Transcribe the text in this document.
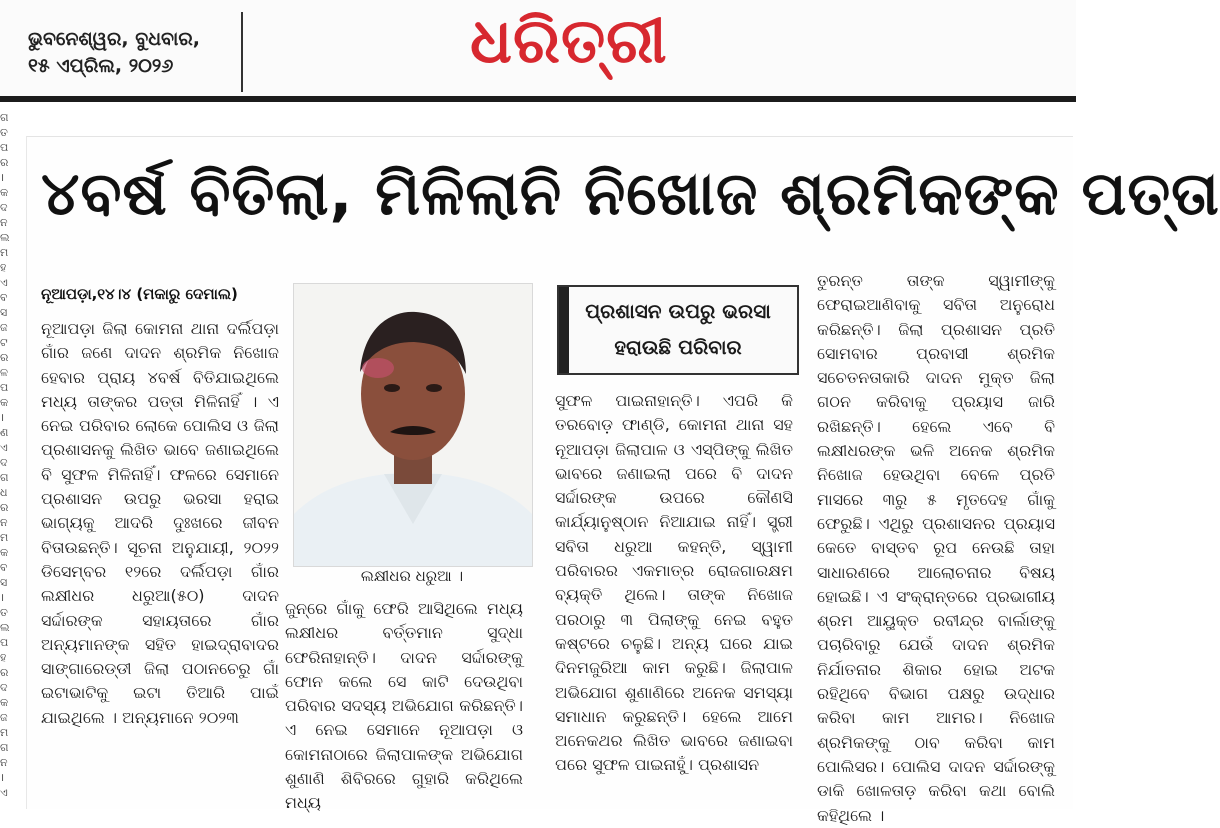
ଭୁବନେଶ୍ୱର, ବୁଧବାର,
୧୫ ଏପ୍ରିଲ, ୨୦୨୬	ଧରିତ୍ରୀ
ଗ
ତ
ପ
ର
।
କ
ଦ
ନ
ଲ
ମ
ହ
ଏ
ବ
ସ
ଜ
ଟ
ର
ଳ
ପ
କ
।
ଣ
ଏ
ଦ
ଗ
ଧ
ର
ନ
ମ
କ
ବ
ସ
।
ତ
ଲ
ପ
ହ
ର
ଦ
କ
ଜ
ମ
ଗ
ନ
।
ଏ
୪ବର୍ଷ ବିତିଲା, ମିଳିଲାନି ନିଖୋଜ ଶ୍ରମିକଙ୍କ ପତ୍ତା
ନୂଆପଡ଼ା,୧୪।୪ (ମକାରୁ ଦେମାଲ)

ନୂଆପଡ଼ା ଜିଲା କୋମନା ଥାନା ଦର୍ଲିପଡ଼ା ଗାଁର ଜଣେ ଦାଦନ ଶ୍ରମିକ ନିଖୋଜ ହେବାର ପ୍ରାୟ ୪ବର୍ଷ ବିତିଯାଇଥିଲେ ମଧ୍ୟ ତାଙ୍କର ପତ୍ତା ମିଳିନାହିଁ । ଏ ନେଇ ପରିବାର ଲୋକେ ପୋଲିସ ଓ ଜିଲା ପ୍ରଶାସନକୁ ଲିଖିତ ଭାବେ ଜଣାଇଥିଲେ ବି ସୁଫଳ ମିଳିନାହିଁ। ଫଳରେ ସେମାନେ ପ୍ରଶାସନ ଉପରୁ ଭରସା ହରାଇ ଭାଗ୍ୟକୁ ଆଦରି ଦୁଃଖରେ ଜୀବନ ବିତାଉଛନ୍ତି। ସୂଚନା ଅନୁଯାୟୀ, ୨୦୨୨ ଡିସେମ୍ବର ୧୨ରେ ଦର୍ଲିପଡ଼ା ଗାଁର ଲକ୍ଷୀଧର ଧରୁଆ(୫୦) ଦାଦନ ସର୍ଦ୍ଦାରଙ୍କ ସହାୟତାରେ ଗାଁର ଅନ୍ୟମାନଙ୍କ ସହିତ ହାଇଦ୍ରାବାଦର ସାଙ୍ଗାରେଡ୍ଡୀ ଜିଲା ପଠାନଚେରୁ ଗାଁ ଇଟାଭାଟିକୁ ଇଟା ତିଆରି ପାଇଁ ଯାଇଥିଲେ । ଅନ୍ୟମାନେ ୨୦୨୩

ଲକ୍ଷୀଧର ଧରୁଆ ।

ଜୁନ୍‌ରେ ଗାଁକୁ ଫେରି ଆସିଥିଲେ ମଧ୍ୟ ଲକ୍ଷୀଧର ବର୍ତ୍ତମାନ ସୁଦ୍ଧା ଫେରିନାହାନ୍ତି। ଦାଦନ ସର୍ଦ୍ଦାରଙ୍କୁ ଫୋନ କଲେ ସେ କାଟି ଦେଉଥିବା ପରିବାର ସଦସ୍ୟ ଅଭିଯୋଗ କରିଛନ୍ତି। ଏ ନେଇ ସେମାନେ ନୂଆପଡ଼ା ଓ କୋମନାଠାରେ ଜିଲାପାଳଙ୍କ ଅଭିଯୋଗ ଶୁଣାଣି ଶିବିରରେ ଗୁହାରି କରିଥିଲେ ମଧ୍ୟ

ପ୍ରଶାସନ ଉପରୁ ଭରସା
ହରାଉଛି ପରିବାର

ସୁଫଳ ପାଇନାହାନ୍ତି। ଏପରି କି ତରବୋଡ଼ ଫାଣ୍ଡି, କୋମନା ଥାନା ସହ ନୂଆପଡ଼ା ଜିଲାପାଳ ଓ ଏସ୍‌ପିଙ୍କୁ ଲିଖିତ ଭାବରେ ଜଣାଇଲା ପରେ ବି ଦାଦନ ସର୍ଦ୍ଦାରଙ୍କ ଉପରେ କୌଣସି କାର୍ଯ୍ୟାନୁଷ୍ଠାନ ନିଆଯାଇ ନାହିଁ। ସ୍ତ୍ରୀ ସବିତା ଧରୁଆ କହନ୍ତି, ସ୍ୱାମୀ ପରିବାରର ଏକମାତ୍ର ରୋଜଗାରକ୍ଷମ ବ୍ୟକ୍ତି ଥିଲେ। ତାଙ୍କ ନିଖୋଜ ପରଠାରୁ ୩ ପିଲାଙ୍କୁ ନେଇ ବହୁତ କଷ୍ଟରେ ଚଳୁଛି। ଅନ୍ୟ ଘରେ ଯାଇ ଦିନମଜୁରିଆ କାମ କରୁଛି। ଜିଲାପାଳ ଅଭିଯୋଗ ଶୁଣାଣିରେ ଅନେକ ସମସ୍ୟା ସମାଧାନ କରୁଛନ୍ତି। ହେଲେ ଆମେ ଅନେକଥର ଲିଖିତ ଭାବରେ ଜଣାଇବା ପରେ ସୁଫଳ ପାଇନାହୁଁ। ପ୍ରଶାସନ

ତୁରନ୍ତ ତାଙ୍କ ସ୍ୱାମୀଙ୍କୁ ଫେରାଇଆଣିବାକୁ ସବିତା ଅନୁରୋଧ କରିଛନ୍ତି। ଜିଲା ପ୍ରଶାସନ ପ୍ରତି ସୋମବାର ପ୍ରବାସୀ ଶ୍ରମିକ ସଚେତନତାକାରି ଦାଦନ ମୁକ୍ତ ଜିଲା ଗଠନ କରିବାକୁ ପ୍ରୟାସ ଜାରି ରଖିଛନ୍ତି। ହେଲେ ଏବେ ବି ଲକ୍ଷୀଧରଙ୍କ ଭଳି ଅନେକ ଶ୍ରମିକ ନିଖୋଜ ହେଉଥିବା ବେଳେ ପ୍ରତି ମାସରେ ୩ରୁ ୫ ମୃତଦେହ ଗାଁକୁ ଫେରୁଛି। ଏଥିରୁ ପ୍ରଶାସନର ପ୍ରୟାସ କେତେ ବାସ୍ତବ ରୂପ ନେଉଛି ତାହା ସାଧାରଣରେ ଆଲୋଚନାର ବିଷୟ ହୋଇଛି। ଏ ସଂକ୍ରାନ୍ତରେ ପ୍ରଭାଗୀୟ ଶ୍ରମ ଆୟୁକ୍ତ ରବୀନ୍ଦ୍ର ବାର୍ଲାଙ୍କୁ ପଚାରିବାରୁ ଯେଉଁ ଦାଦନ ଶ୍ରମିକ ନିର୍ଯାତନାର ଶିକାର ହୋଇ ଅଟକ ରହିଥିବେ ବିଭାଗ ପକ୍ଷରୁ ଉଦ୍ଧାର କରିବା କାମ ଆମର। ନିଖୋଜ ଶ୍ରମିକଙ୍କୁ ଠାବ କରିବା କାମ ପୋଲିସର। ପୋଲିସ ଦାଦନ ସର୍ଦ୍ଦାରଙ୍କୁ ଡାକି ଖୋଳତାଡ଼ କରିବା କଥା ବୋଲି କହିଥିଲେ ।
